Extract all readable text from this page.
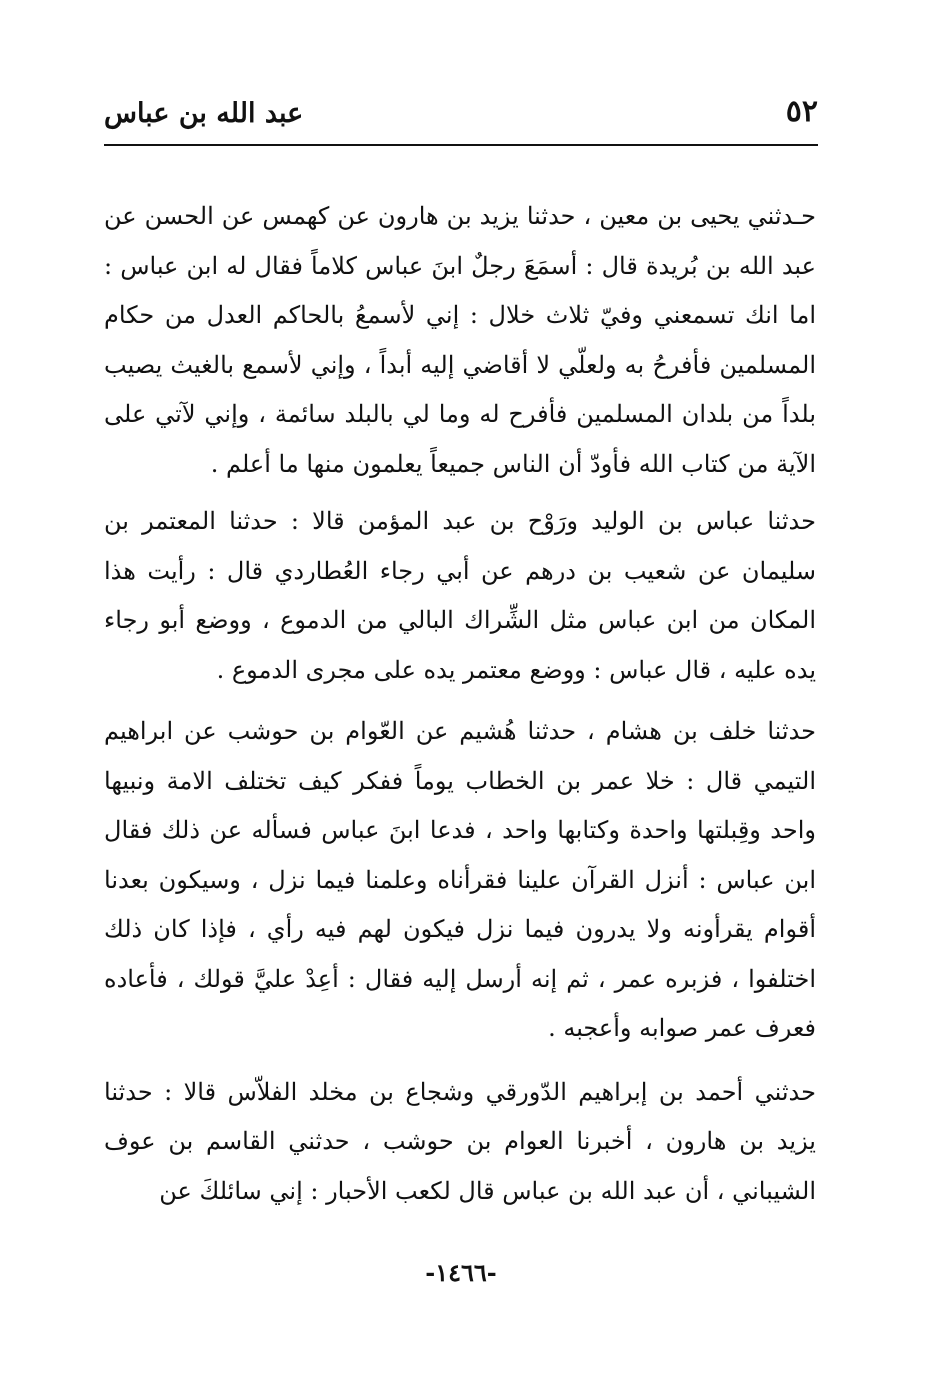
عبد الله بن عباس	٥٢

حـدثني يحيى بن معين ، حدثنا يزيد بن هارون عن كهمس عن الحسن عن عبد الله بن بُريدة قال : أسمَعَ رجلٌ ابنَ عباس كلاماً فقال له ابن عباس : اما انك تسمعني وفيّ ثلاث خلال : إني لأسمعُ بالحاكم العدل من حكام المسلمين فأفرحُ به ولعلّي لا أقاضي إليه أبداً ، وإني لأسمع بالغيث يصيب بلداً من بلدان المسلمين فأفرح له وما لي بالبلد سائمة ، وإني لآتي على الآية من كتاب الله فأودّ أن الناس جميعاً يعلمون منها ما أعلم .

حدثنا عباس بن الوليد ورَوْح بن عبد المؤمن قالا : حدثنا المعتمر بن سليمان عن شعيب بن درهم عن أبي رجاء العُطاردي قال : رأيت هذا المكان من ابن عباس مثل الشِّراك البالي من الدموع ، ووضع أبو رجاء يده عليه ، قال عباس : ووضع معتمر يده على مجرى الدموع .

حدثنا خلف بن هشام ، حدثنا هُشيم عن العّوام بن حوشب عن ابراهيم التيمي قال : خلا عمر بن الخطاب يوماً ففكر كيف تختلف الامة ونبيها واحد وقِبلتها واحدة وكتابها واحد ، فدعا ابنَ عباس فسأله عن ذلك فقال ابن عباس : أنزل القرآن علينا فقرأناه وعلمنا فيما نزل ، وسيكون بعدنا أقوام يقرأونه ولا يدرون فيما نزل فيكون لهم فيه رأي ، فإذا كان ذلك اختلفوا ، فزبره عمر ، ثم إنه أرسل إليه فقال : أعِدْ عليَّ قولك ، فأعاده فعرف عمر صوابه وأعجبه .

حدثني أحمد بن إبراهيم الدّورقي وشجاع بن مخلد الفلاّس قالا : حدثنا يزيد بن هارون ، أخبرنا العوام بن حوشب ، حدثني القاسم بن عوف الشيباني ، أن عبد الله بن عباس قال لكعب الأحبار : إني سائلكَ عن

-١٤٦٦-
